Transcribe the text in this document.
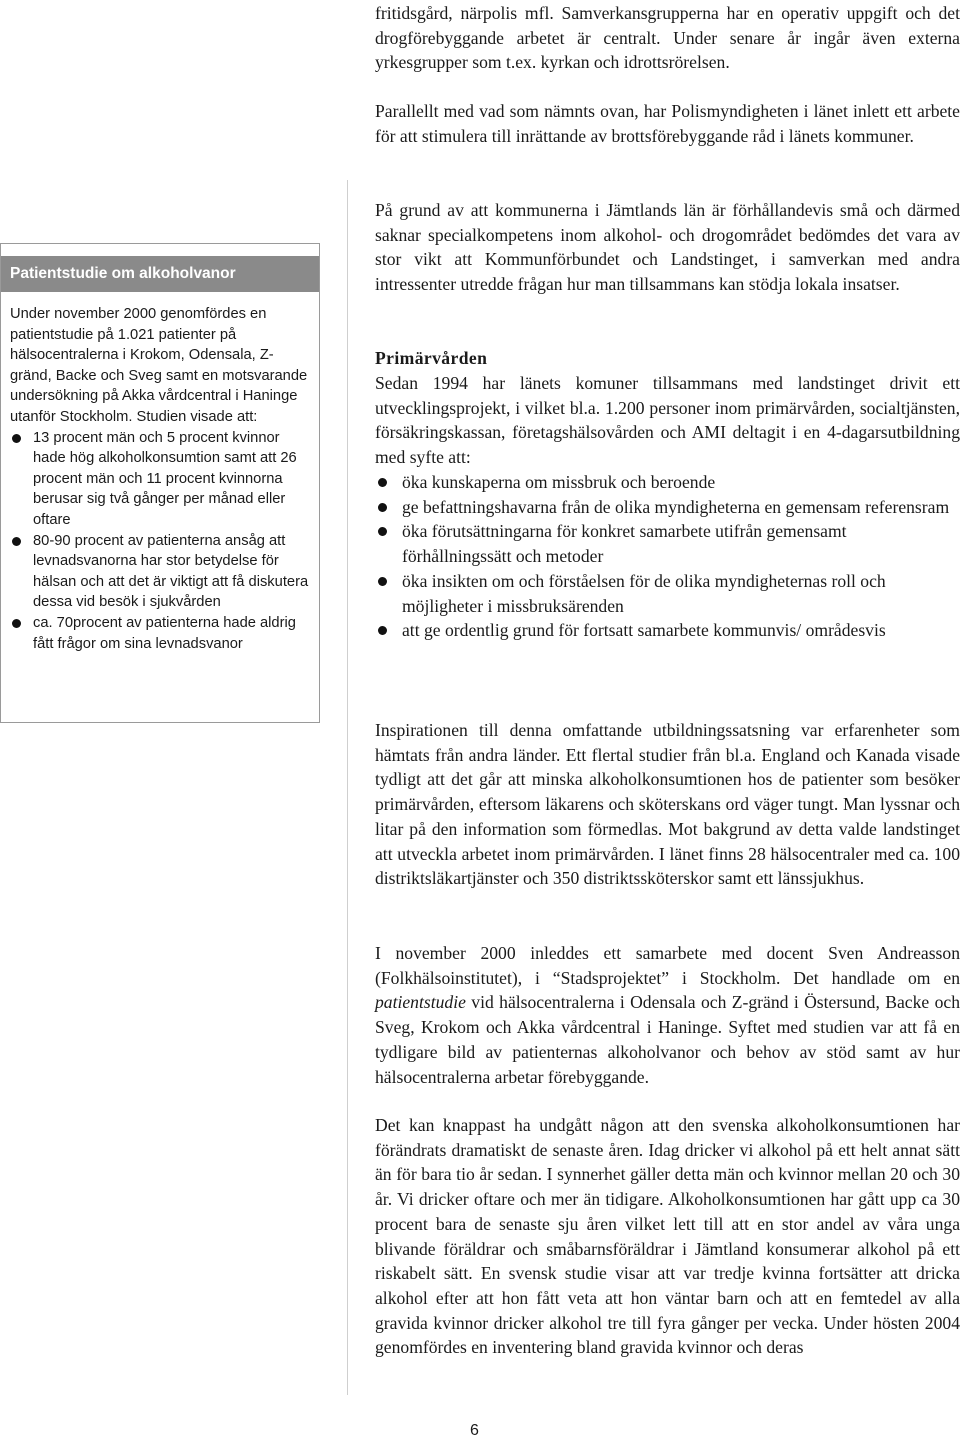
fritidsgård, närpolis mfl. Samverkansgrupperna har en operativ uppgift och det drogförebyggande arbetet är centralt. Under senare år ingår även externa yrkesgrupper som t.ex. kyrkan och idrottsrörelsen.

Parallellt med vad som nämnts ovan, har Polismyndigheten i länet inlett ett arbete för att stimulera till inrättande av brottsförebyggande råd i länets kommuner.

På grund av att kommunerna i Jämtlands län är förhållandevis små och därmed saknar specialkompetens inom alkohol- och drogområdet bedömdes det vara av stor vikt att Kommunförbundet och Landstinget, i samverkan med andra intressenter utredde frågan hur man tillsammans kan stödja lokala insatser.

Primärvården

Sedan 1994 har länets komuner tillsammans med landstinget drivit ett utvecklingsprojekt, i vilket bl.a. 1.200 personer inom primärvården, socialtjänsten, försäkringskassan, företagshälsovården och AMI deltagit i en 4-dagarsutbildning med syfte att:

öka kunskaperna om missbruk och beroende
ge befattningshavarna från de olika myndigheterna en gemensam referensram
öka förutsättningarna för konkret samarbete utifrån gemensamt förhållningssätt och metoder
öka insikten om och förståelsen för de olika myndigheternas roll och möjligheter i missbruksärenden
att ge ordentlig grund för fortsatt samarbete kommunvis/ områdesvis

Inspirationen till denna omfattande utbildningssatsning var erfarenheter som hämtats från andra länder. Ett flertal studier från bl.a. England och Kanada visade tydligt att det går att minska alkoholkonsumtionen hos de patienter som besöker primärvården, eftersom läkarens och sköterskans ord väger tungt. Man lyssnar och litar på den information som förmedlas. Mot bakgrund av detta valde landstinget att utveckla arbetet inom primärvården. I länet finns 28 hälsocentraler med ca. 100 distriktsläkartjänster och 350 distriktssköterskor samt ett länssjukhus.

I november 2000 inleddes ett samarbete med docent Sven Andreasson (Folkhälsoinstitutet), i “Stadsprojektet” i Stockholm. Det handlade om en patientstudie vid hälsocentralerna i Odensala och Z-gränd i Östersund, Backe och Sveg, Krokom och Akka vårdcentral i Haninge. Syftet med studien var att få en tydligare bild av patienternas alkoholvanor och behov av stöd samt av hur hälsocentralerna arbetar förebyggande.

Det kan knappast ha undgått någon att den svenska alkoholkonsumtionen har förändrats dramatiskt de senaste åren. Idag dricker vi alkohol på ett helt annat sätt än för bara tio år sedan. I synnerhet gäller detta män och kvinnor mellan 20 och 30 år. Vi dricker oftare och mer än tidigare. Alkoholkonsumtionen har gått upp ca 30 procent bara de senaste sju åren vilket lett till att en stor andel av våra unga blivande föräldrar och småbarnsföräldrar i Jämtland konsumerar alkohol på ett riskabelt sätt. En svensk studie visar att var tredje kvinna fortsätter att dricka alkohol efter att hon fått veta att hon väntar barn och att en femtedel av alla gravida kvinnor dricker alkohol tre till fyra gånger per vecka. Under hösten 2004 genomfördes en inventering bland gravida kvinnor och deras

Patientstudie om alkoholvanor

Under november 2000 genomfördes en patientstudie på 1.021 patienter på hälsocentralerna i Krokom, Odensala, Z-gränd, Backe och Sveg samt en motsvarande undersökning på Akka vårdcentral i Haninge utanför Stockholm. Studien visade att:

13 procent män och 5 procent kvinnor hade hög alkoholkonsumtion samt att 26 procent män och 11 procent kvinnorna berusar sig två gånger per månad eller oftare
80-90 procent av patienterna ansåg att levnadsvanorna har stor betydelse för hälsan och att det är viktigt att få diskutera dessa vid besök i sjukvården
ca. 70procent av patienterna hade aldrig fått frågor om sina levnadsvanor
6
